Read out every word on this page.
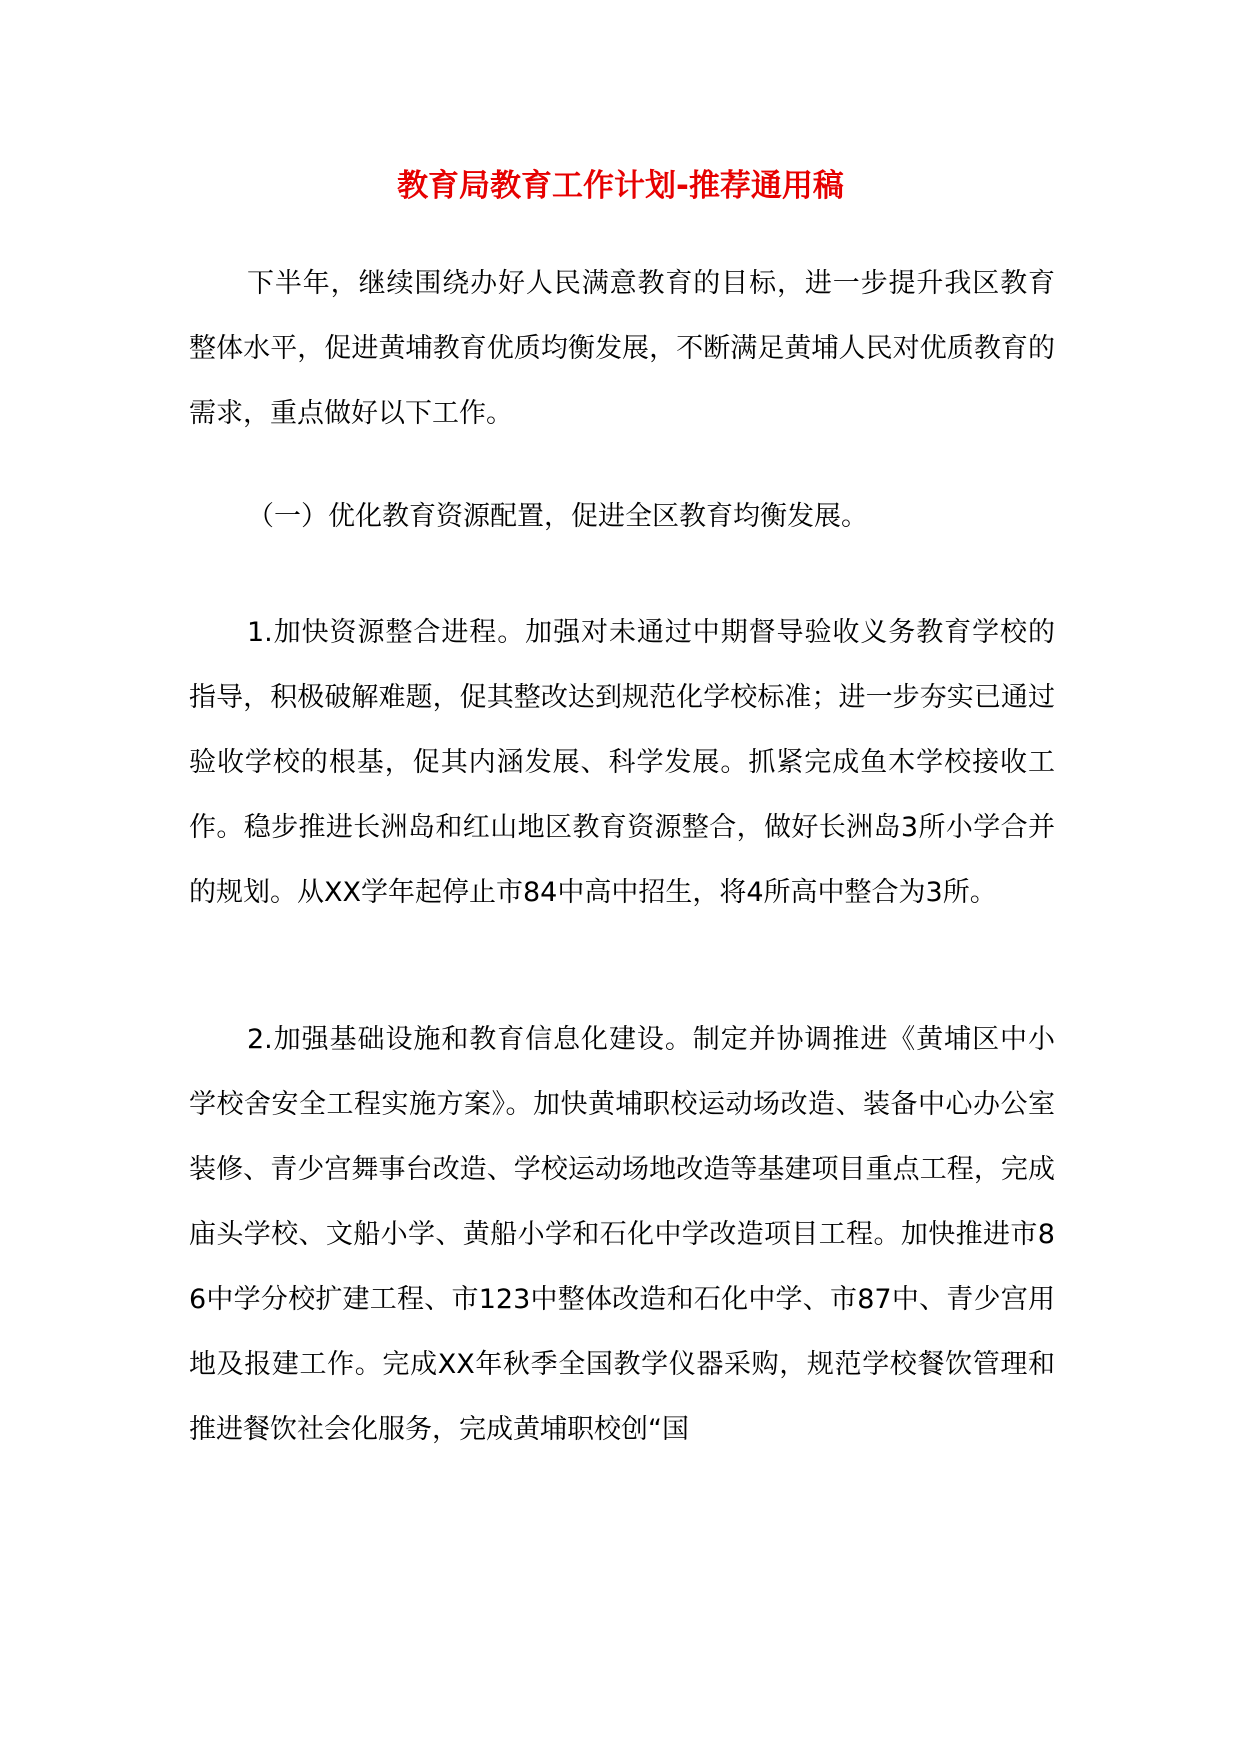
教育局教育工作计划-推荐通用稿

下半年，继续围绕办好人民满意教育的目标，进一步提升我区教育整体水平，促进黄埔教育优质均衡发展，不断满足黄埔人民对优质教育的需求，重点做好以下工作。

（一）优化教育资源配置，促进全区教育均衡发展。

1.加快资源整合进程。加强对未通过中期督导验收义务教育学校的指导，积极破解难题，促其整改达到规范化学校标准；进一步夯实已通过验收学校的根基，促其内涵发展、科学发展。抓紧完成鱼木学校接收工作。稳步推进长洲岛和红山地区教育资源整合，做好长洲岛3所小学合并的规划。从XX学年起停止市84中高中招生，将4所高中整合为3所。

2.加强基础设施和教育信息化建设。制定并协调推进《黄埔区中小学校舍安全工程实施方案》。加快黄埔职校运动场改造、装备中心办公室装修、青少宫舞事台改造、学校运动场地改造等基建项目重点工程，完成庙头学校、文船小学、黄船小学和石化中学改造项目工程。加快推进市86中学分校扩建工程、市123中整体改造和石化中学、市87中、青少宫用地及报建工作。完成XX年秋季全国教学仪器采购，规范学校餐饮管理和推进餐饮社会化服务，完成黄埔职校创“国
